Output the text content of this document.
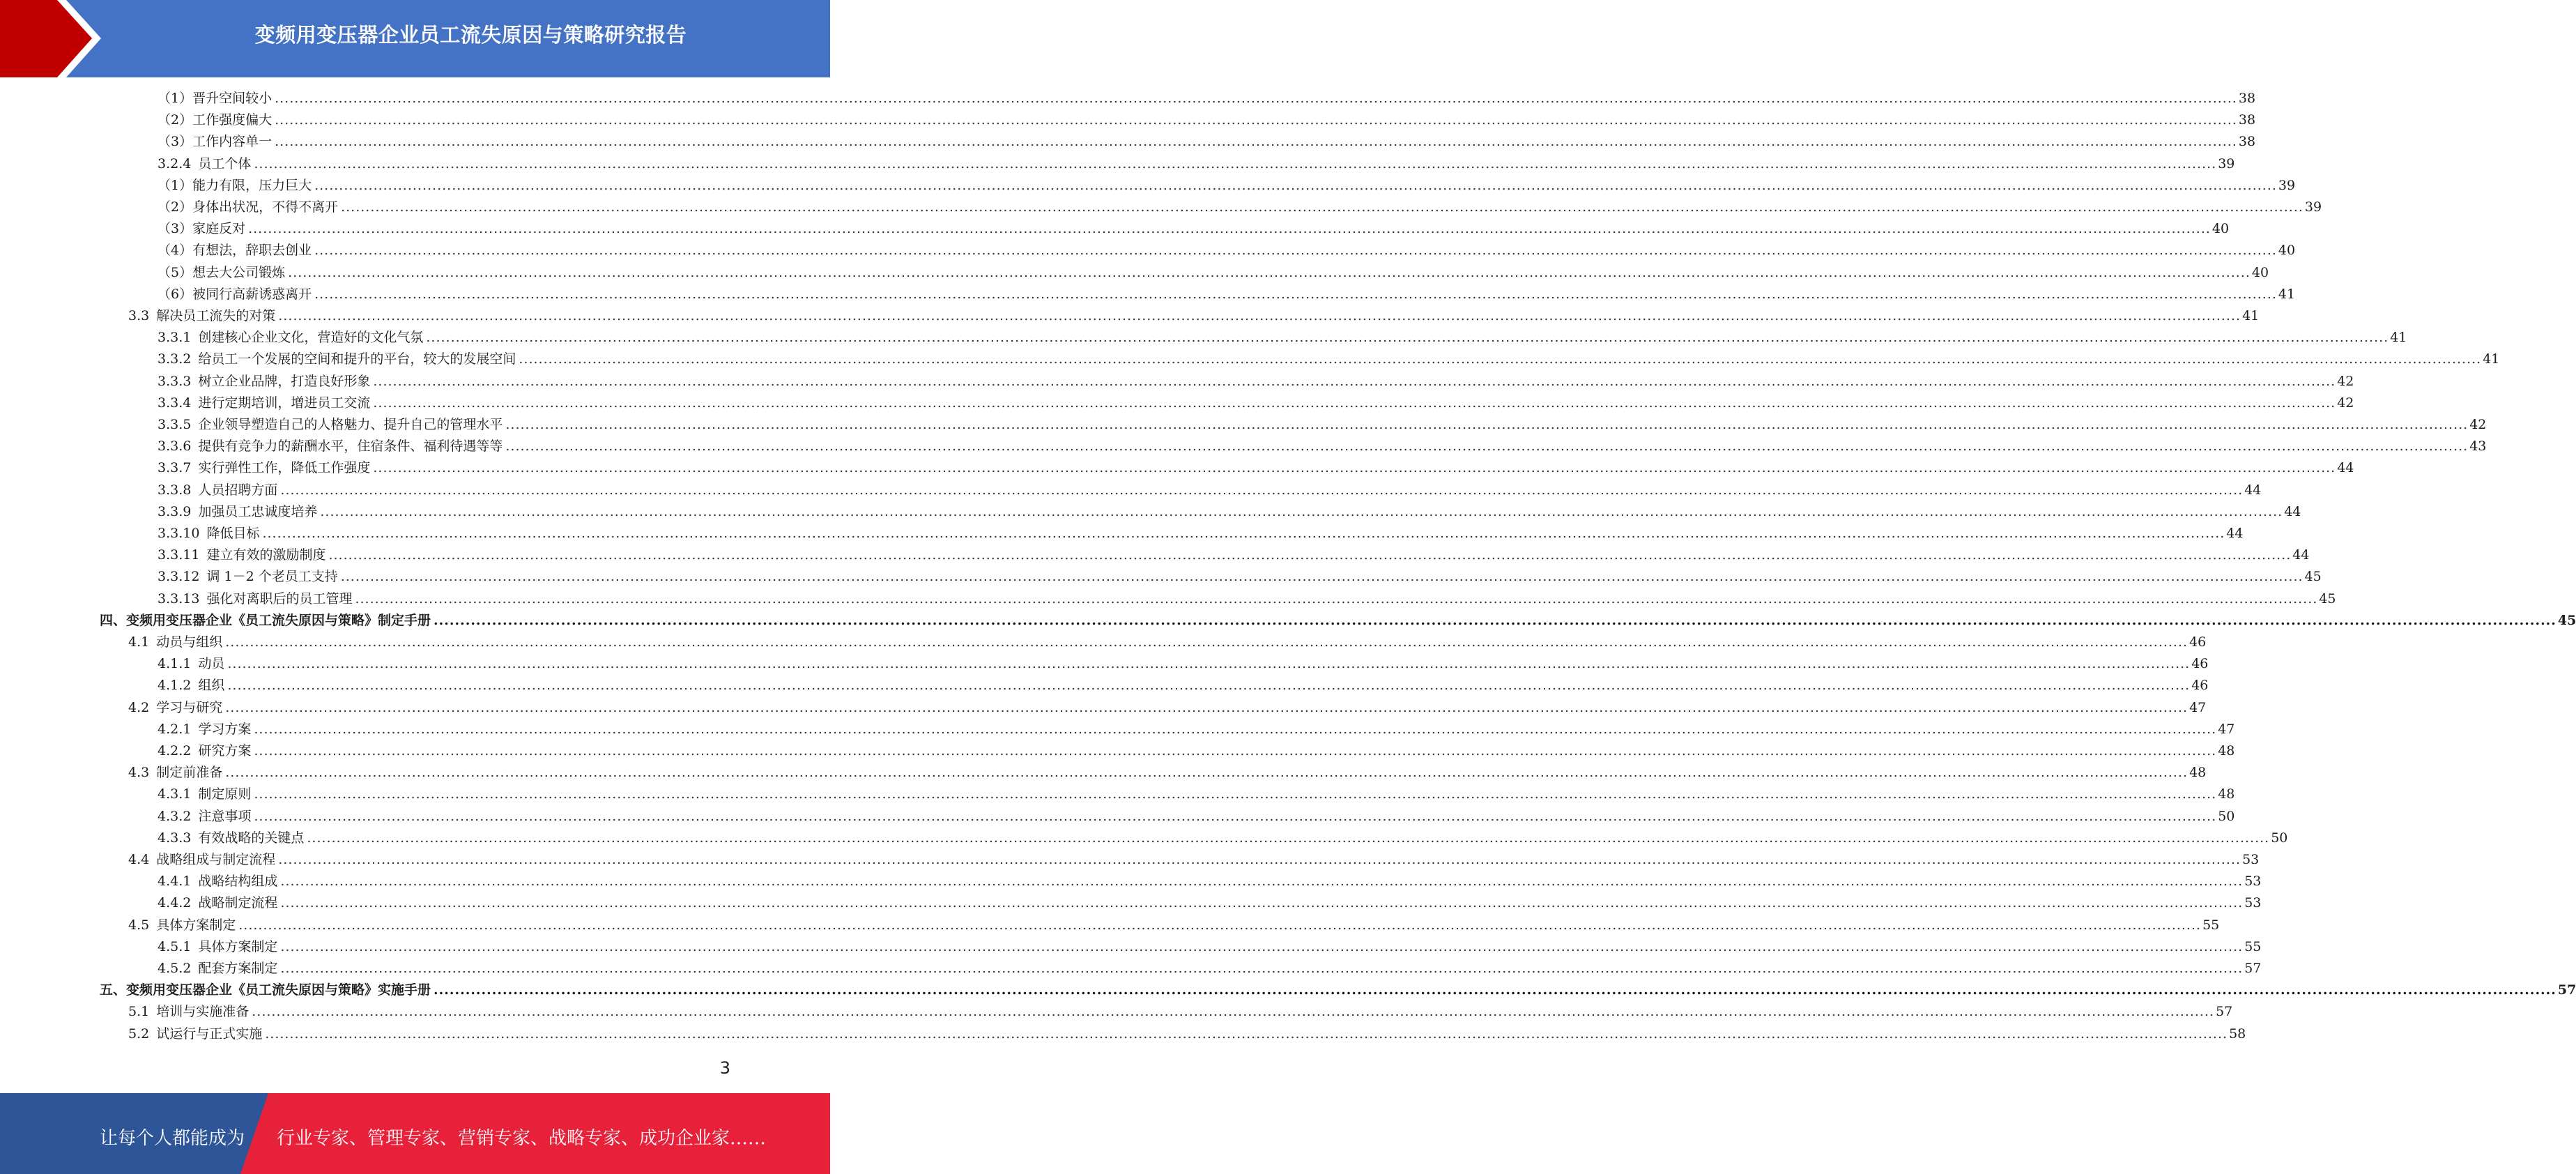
变频用变压器企业员工流失原因与策略研究报告
（1）晋升空间较小 ................................................................................................................................................................................................................................................................................................................................................................................................................ 38
（2）工作强度偏大 ................................................................................................................................................................................................................................................................................................................................................................................................................ 38
（3）工作内容单一 ................................................................................................................................................................................................................................................................................................................................................................................................................ 38
3.2.4 员工个体 ................................................................................................................................................................................................................................................................................................................................................................................................................ 39
（1）能力有限，压力巨大 ................................................................................................................................................................................................................................................................................................................................................................................................................ 39
（2）身体出状况，不得不离开 ................................................................................................................................................................................................................................................................................................................................................................................................................ 39
（3）家庭反对 ................................................................................................................................................................................................................................................................................................................................................................................................................ 40
（4）有想法，辞职去创业 ................................................................................................................................................................................................................................................................................................................................................................................................................ 40
（5）想去大公司锻炼 ................................................................................................................................................................................................................................................................................................................................................................................................................ 40
（6）被同行高薪诱惑离开 ................................................................................................................................................................................................................................................................................................................................................................................................................ 41
3.3 解决员工流失的对策 ................................................................................................................................................................................................................................................................................................................................................................................................................ 41
3.3.1 创建核心企业文化，营造好的文化气氛 ................................................................................................................................................................................................................................................................................................................................................................................................................ 41
3.3.2 给员工一个发展的空间和提升的平台，较大的发展空间 ................................................................................................................................................................................................................................................................................................................................................................................................................ 41
3.3.3 树立企业品牌，打造良好形象 ................................................................................................................................................................................................................................................................................................................................................................................................................ 42
3.3.4 进行定期培训，增进员工交流 ................................................................................................................................................................................................................................................................................................................................................................................................................ 42
3.3.5 企业领导塑造自己的人格魅力、提升自己的管理水平 ................................................................................................................................................................................................................................................................................................................................................................................................................ 42
3.3.6 提供有竞争力的薪酬水平，住宿条件、福利待遇等等 ................................................................................................................................................................................................................................................................................................................................................................................................................ 43
3.3.7 实行弹性工作，降低工作强度 ................................................................................................................................................................................................................................................................................................................................................................................................................ 44
3.3.8 人员招聘方面 ................................................................................................................................................................................................................................................................................................................................................................................................................ 44
3.3.9 加强员工忠诚度培养 ................................................................................................................................................................................................................................................................................................................................................................................................................ 44
3.3.10 降低目标 ................................................................................................................................................................................................................................................................................................................................................................................................................ 44
3.3.11 建立有效的激励制度 ................................................................................................................................................................................................................................................................................................................................................................................................................ 44
3.3.12 调 1－2 个老员工支持 ................................................................................................................................................................................................................................................................................................................................................................................................................ 45
3.3.13 强化对离职后的员工管理 ................................................................................................................................................................................................................................................................................................................................................................................................................ 45
四、变频用变压器企业《员工流失原因与策略》制定手册 ................................................................................................................................................................................................................................................................................................................................................................................................................ 45
4.1 动员与组织 ................................................................................................................................................................................................................................................................................................................................................................................................................ 46
4.1.1 动员 ................................................................................................................................................................................................................................................................................................................................................................................................................ 46
4.1.2 组织 ................................................................................................................................................................................................................................................................................................................................................................................................................ 46
4.2 学习与研究 ................................................................................................................................................................................................................................................................................................................................................................................................................ 47
4.2.1 学习方案 ................................................................................................................................................................................................................................................................................................................................................................................................................ 47
4.2.2 研究方案 ................................................................................................................................................................................................................................................................................................................................................................................................................ 48
4.3 制定前准备 ................................................................................................................................................................................................................................................................................................................................................................................................................ 48
4.3.1 制定原则 ................................................................................................................................................................................................................................................................................................................................................................................................................ 48
4.3.2 注意事项 ................................................................................................................................................................................................................................................................................................................................................................................................................ 50
4.3.3 有效战略的关键点 ................................................................................................................................................................................................................................................................................................................................................................................................................ 50
4.4 战略组成与制定流程 ................................................................................................................................................................................................................................................................................................................................................................................................................ 53
4.4.1 战略结构组成 ................................................................................................................................................................................................................................................................................................................................................................................................................ 53
4.4.2 战略制定流程 ................................................................................................................................................................................................................................................................................................................................................................................................................ 53
4.5 具体方案制定 ................................................................................................................................................................................................................................................................................................................................................................................................................ 55
4.5.1 具体方案制定 ................................................................................................................................................................................................................................................................................................................................................................................................................ 55
4.5.2 配套方案制定 ................................................................................................................................................................................................................................................................................................................................................................................................................ 57
五、变频用变压器企业《员工流失原因与策略》实施手册 ................................................................................................................................................................................................................................................................................................................................................................................................................ 57
5.1 培训与实施准备 ................................................................................................................................................................................................................................................................................................................................................................................................................ 57
5.2 试运行与正式实施 ................................................................................................................................................................................................................................................................................................................................................................................................................ 58
3
让每个人都能成为 行业专家、管理专家、营销专家、战略专家、成功企业家……
